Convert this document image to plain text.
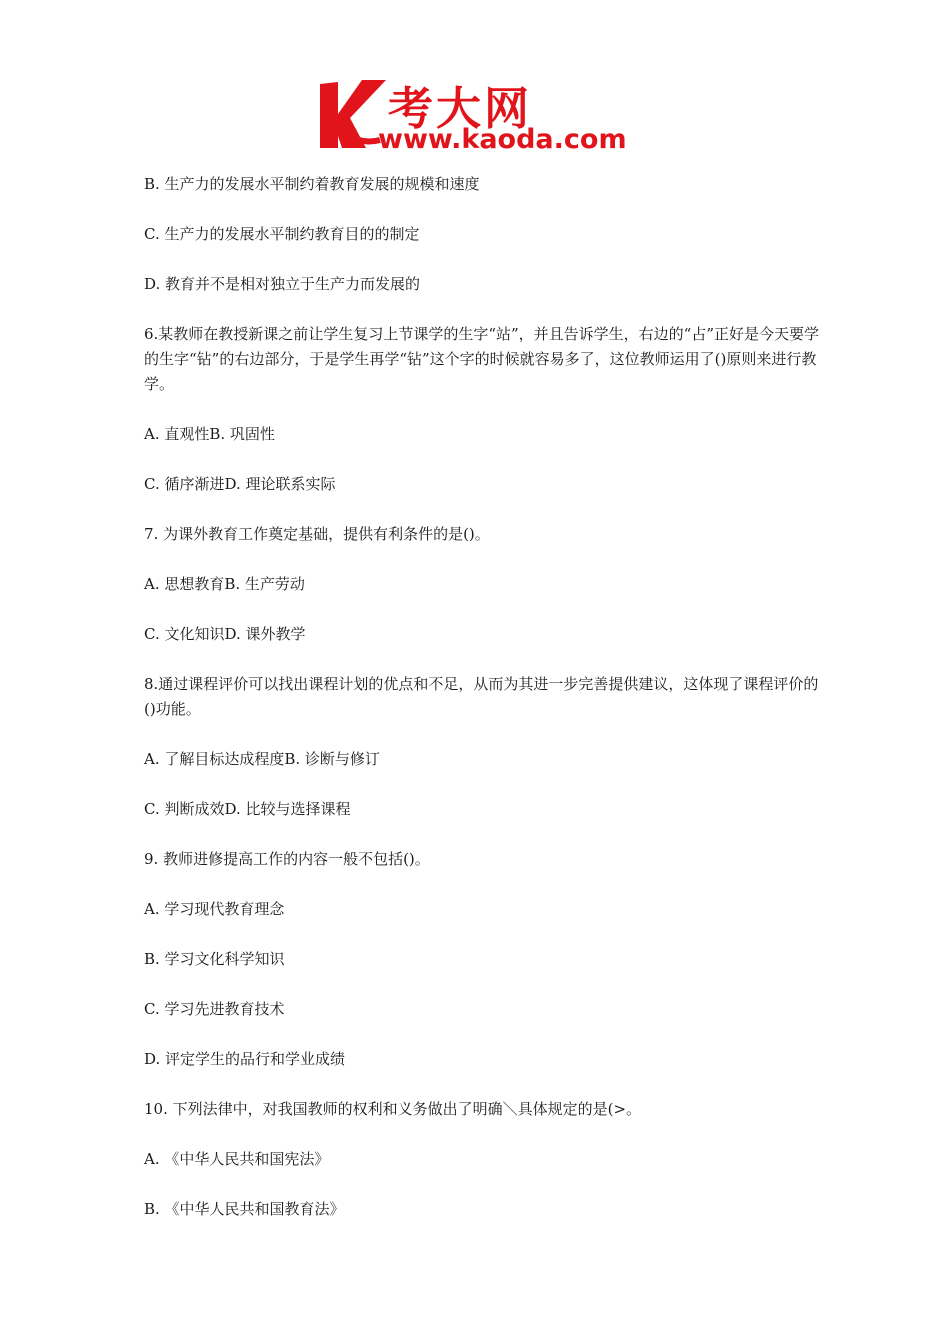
考大网
www.kaoda.com

B. 生产力的发展水平制约着教育发展的规模和速度

C. 生产力的发展水平制约教育目的的制定

D. 教育并不是相对独立于生产力而发展的

6.某教师在教授新课之前让学生复习上节课学的生字“站”，并且告诉学生，右边的“占”正好是今天要学的生字“钻”的右边部分，于是学生再学“钻”这个字的时候就容易多了，这位教师运用了()原则来进行教学。

A. 直观性B. 巩固性

C. 循序渐进D. 理论联系实际

7. 为课外教育工作奠定基础，提供有利条件的是()。

A. 思想教育B. 生产劳动

C. 文化知识D. 课外教学

8.通过课程评价可以找出课程计划的优点和不足，从而为其进一步完善提供建议，这体现了课程评价的()功能。

A. 了解目标达成程度B. 诊断与修订

C. 判断成效D. 比较与选择课程

9. 教师进修提高工作的内容一般不包括()。

A. 学习现代教育理念

B. 学习文化科学知识

C. 学习先进教育技术

D. 评定学生的品行和学业成绩

10. 下列法律中，对我国教师的权利和义务做出了明确＼具体规定的是(>。

A. 《中华人民共和国宪法》

B. 《中华人民共和国教育法》
